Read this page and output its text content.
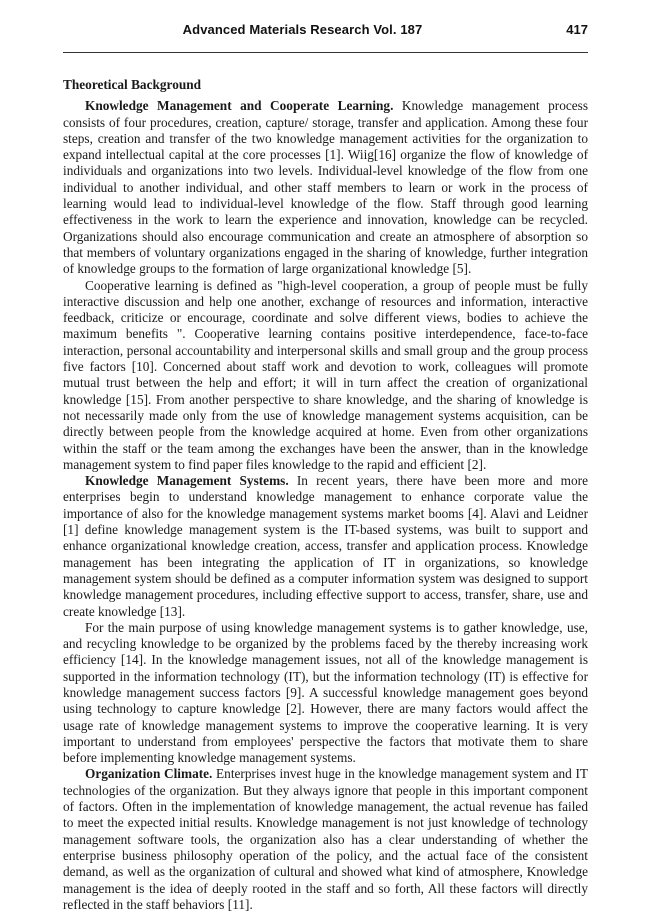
Advanced Materials Research Vol. 187	417
Theoretical Background

Knowledge Management and Cooperate Learning. Knowledge management process consists of four procedures, creation, capture/ storage, transfer and application. Among these four steps, creation and transfer of the two knowledge management activities for the organization to expand intellectual capital at the core processes [1]. Wiig[16] organize the flow of knowledge of individuals and organizations into two levels. Individual-level knowledge of the flow from one individual to another individual, and other staff members to learn or work in the process of learning would lead to individual-level knowledge of the flow. Staff through good learning effectiveness in the work to learn the experience and innovation, knowledge can be recycled. Organizations should also encourage communication and create an atmosphere of absorption so that members of voluntary organizations engaged in the sharing of knowledge, further integration of knowledge groups to the formation of large organizational knowledge [5].

Cooperative learning is defined as "high-level cooperation, a group of people must be fully interactive discussion and help one another, exchange of resources and information, interactive feedback, criticize or encourage, coordinate and solve different views, bodies to achieve the maximum benefits ". Cooperative learning contains positive interdependence, face-to-face interaction, personal accountability and interpersonal skills and small group and the group process five factors [10]. Concerned about staff work and devotion to work, colleagues will promote mutual trust between the help and effort; it will in turn affect the creation of organizational knowledge [15]. From another perspective to share knowledge, and the sharing of knowledge is not necessarily made only from the use of knowledge management systems acquisition, can be directly between people from the knowledge acquired at home. Even from other organizations within the staff or the team among the exchanges have been the answer, than in the knowledge management system to find paper files knowledge to the rapid and efficient [2].

Knowledge Management Systems. In recent years, there have been more and more enterprises begin to understand knowledge management to enhance corporate value the importance of also for the knowledge management systems market booms [4]. Alavi and Leidner [1] define knowledge management system is the IT-based systems, was built to support and enhance organizational knowledge creation, access, transfer and application process. Knowledge management has been integrating the application of IT in organizations, so knowledge management system should be defined as a computer information system was designed to support knowledge management procedures, including effective support to access, transfer, share, use and create knowledge [13].

For the main purpose of using knowledge management systems is to gather knowledge, use, and recycling knowledge to be organized by the problems faced by the thereby increasing work efficiency [14]. In the knowledge management issues, not all of the knowledge management is supported in the information technology (IT), but the information technology (IT) is effective for knowledge management success factors [9]. A successful knowledge management goes beyond using technology to capture knowledge [2]. However, there are many factors would affect the usage rate of knowledge management systems to improve the cooperative learning. It is very important to understand from employees' perspective the factors that motivate them to share before implementing knowledge management systems.

Organization Climate. Enterprises invest huge in the knowledge management system and IT technologies of the organization. But they always ignore that people in this important component of factors. Often in the implementation of knowledge management, the actual revenue has failed to meet the expected initial results. Knowledge management is not just knowledge of technology management software tools, the organization also has a clear understanding of whether the enterprise business philosophy operation of the policy, and the actual face of the consistent demand, as well as the organization of cultural and showed what kind of atmosphere, Knowledge management is the idea of deeply rooted in the staff and so forth, All these factors will directly reflected in the staff behaviors [11].
